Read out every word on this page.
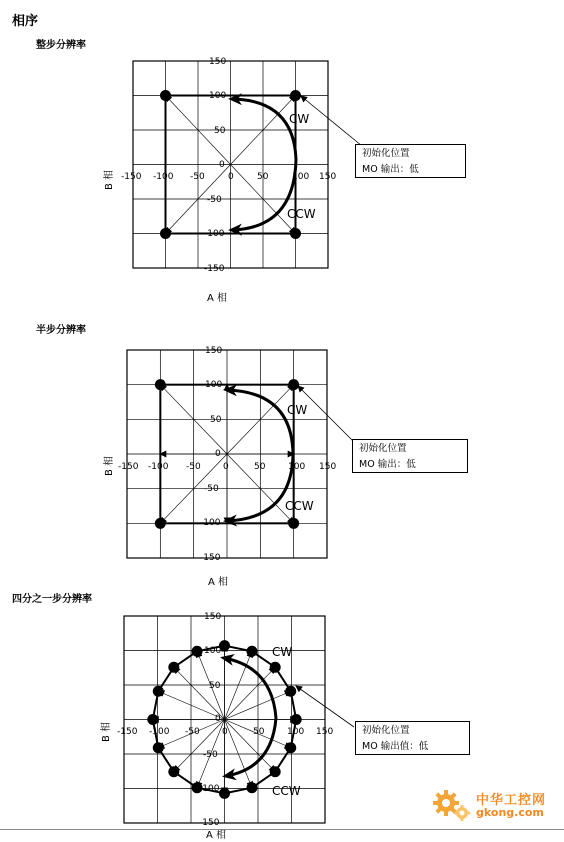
相序
整步分辨率
-150 -100 -50	0	50	100 150
150
100
50
0
-50
-100
-150
CW
CCW
B 相
A 相
初始化位置
MO 输出：低
半步分辨率
-150 -100 -50 0	50	100 150
150
100
50
0
-50
-100
-150
CW
CCW
B 相
A 相
初始化位置
MO 输出：低
四分之一步分辨率
-150 -100 -50 0	50	100 150
150
100
50
0
-50
-100
-150
CW
CCW
B 相
A 相
初始化位置
MO 输出值：低
中华工控网
gkong.com
